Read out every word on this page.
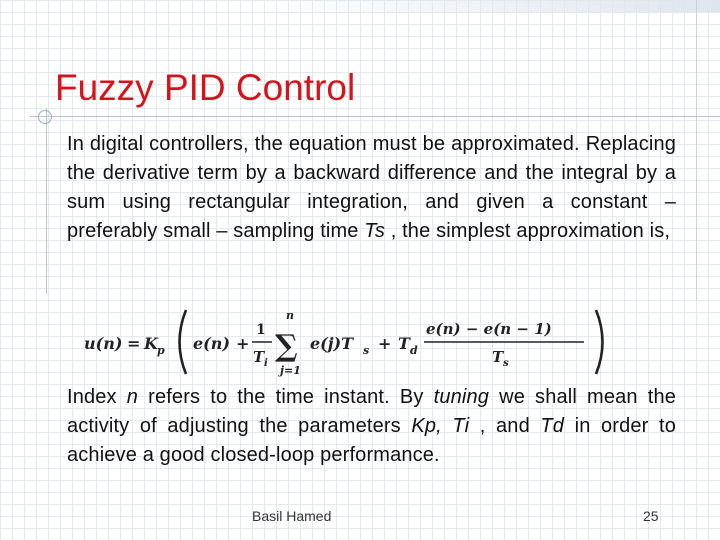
Fuzzy PID Control

In digital controllers, the equation must be approximated. Replacing the derivative term by a backward difference and the integral by a sum using rectangular integration, and given a constant – preferably small – sampling time Ts , the simplest approximation is,

u(n) = K p e(n) +
1
T i
n
∑
j=1
e(j)T s + T d
e(n) − e(n − 1)
T s

Index n refers to the time instant. By tuning we shall mean the activity of adjusting the parameters Kp, Ti , and Td in order to achieve a good closed-loop performance.

Basil Hamed	25
